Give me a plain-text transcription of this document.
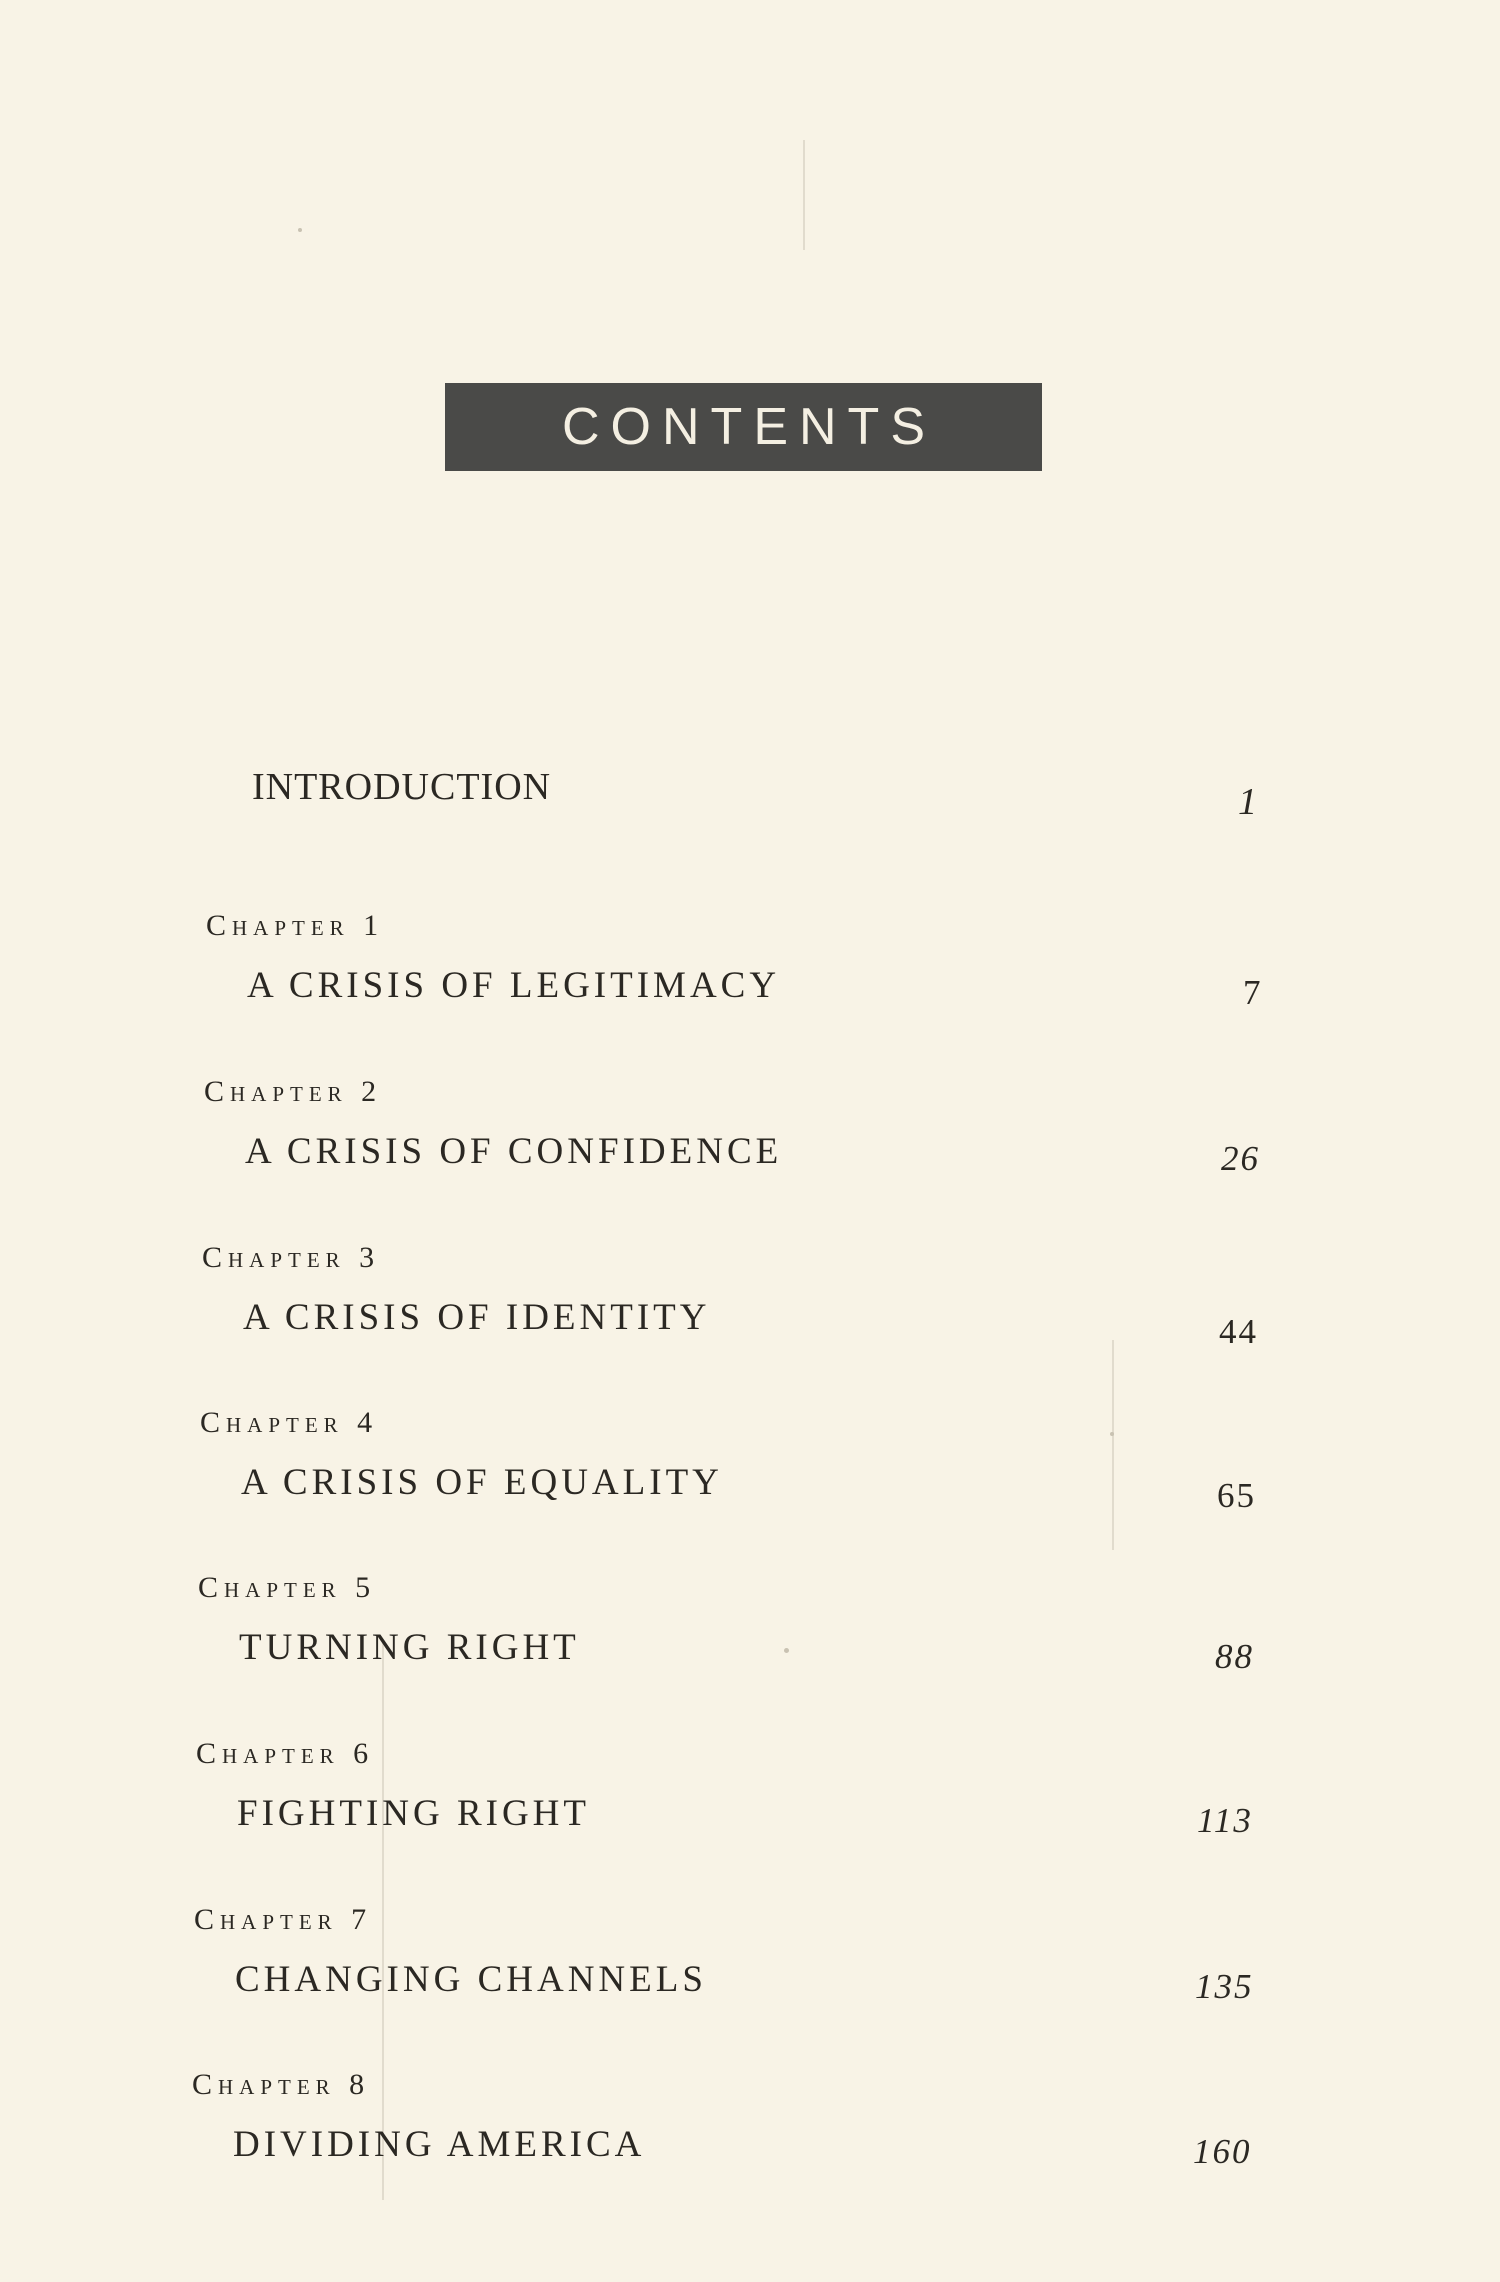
CONTENTS
INTRODUCTION	1
Chapter 1
A CRISIS OF LEGITIMACY	7
Chapter 2
A CRISIS OF CONFIDENCE	26
Chapter 3
A CRISIS OF IDENTITY	44
Chapter 4
A CRISIS OF EQUALITY	65
Chapter 5
TURNING RIGHT	88
Chapter 6
FIGHTING RIGHT	113
Chapter 7
CHANGING CHANNELS	135
Chapter 8
DIVIDING AMERICA	160
